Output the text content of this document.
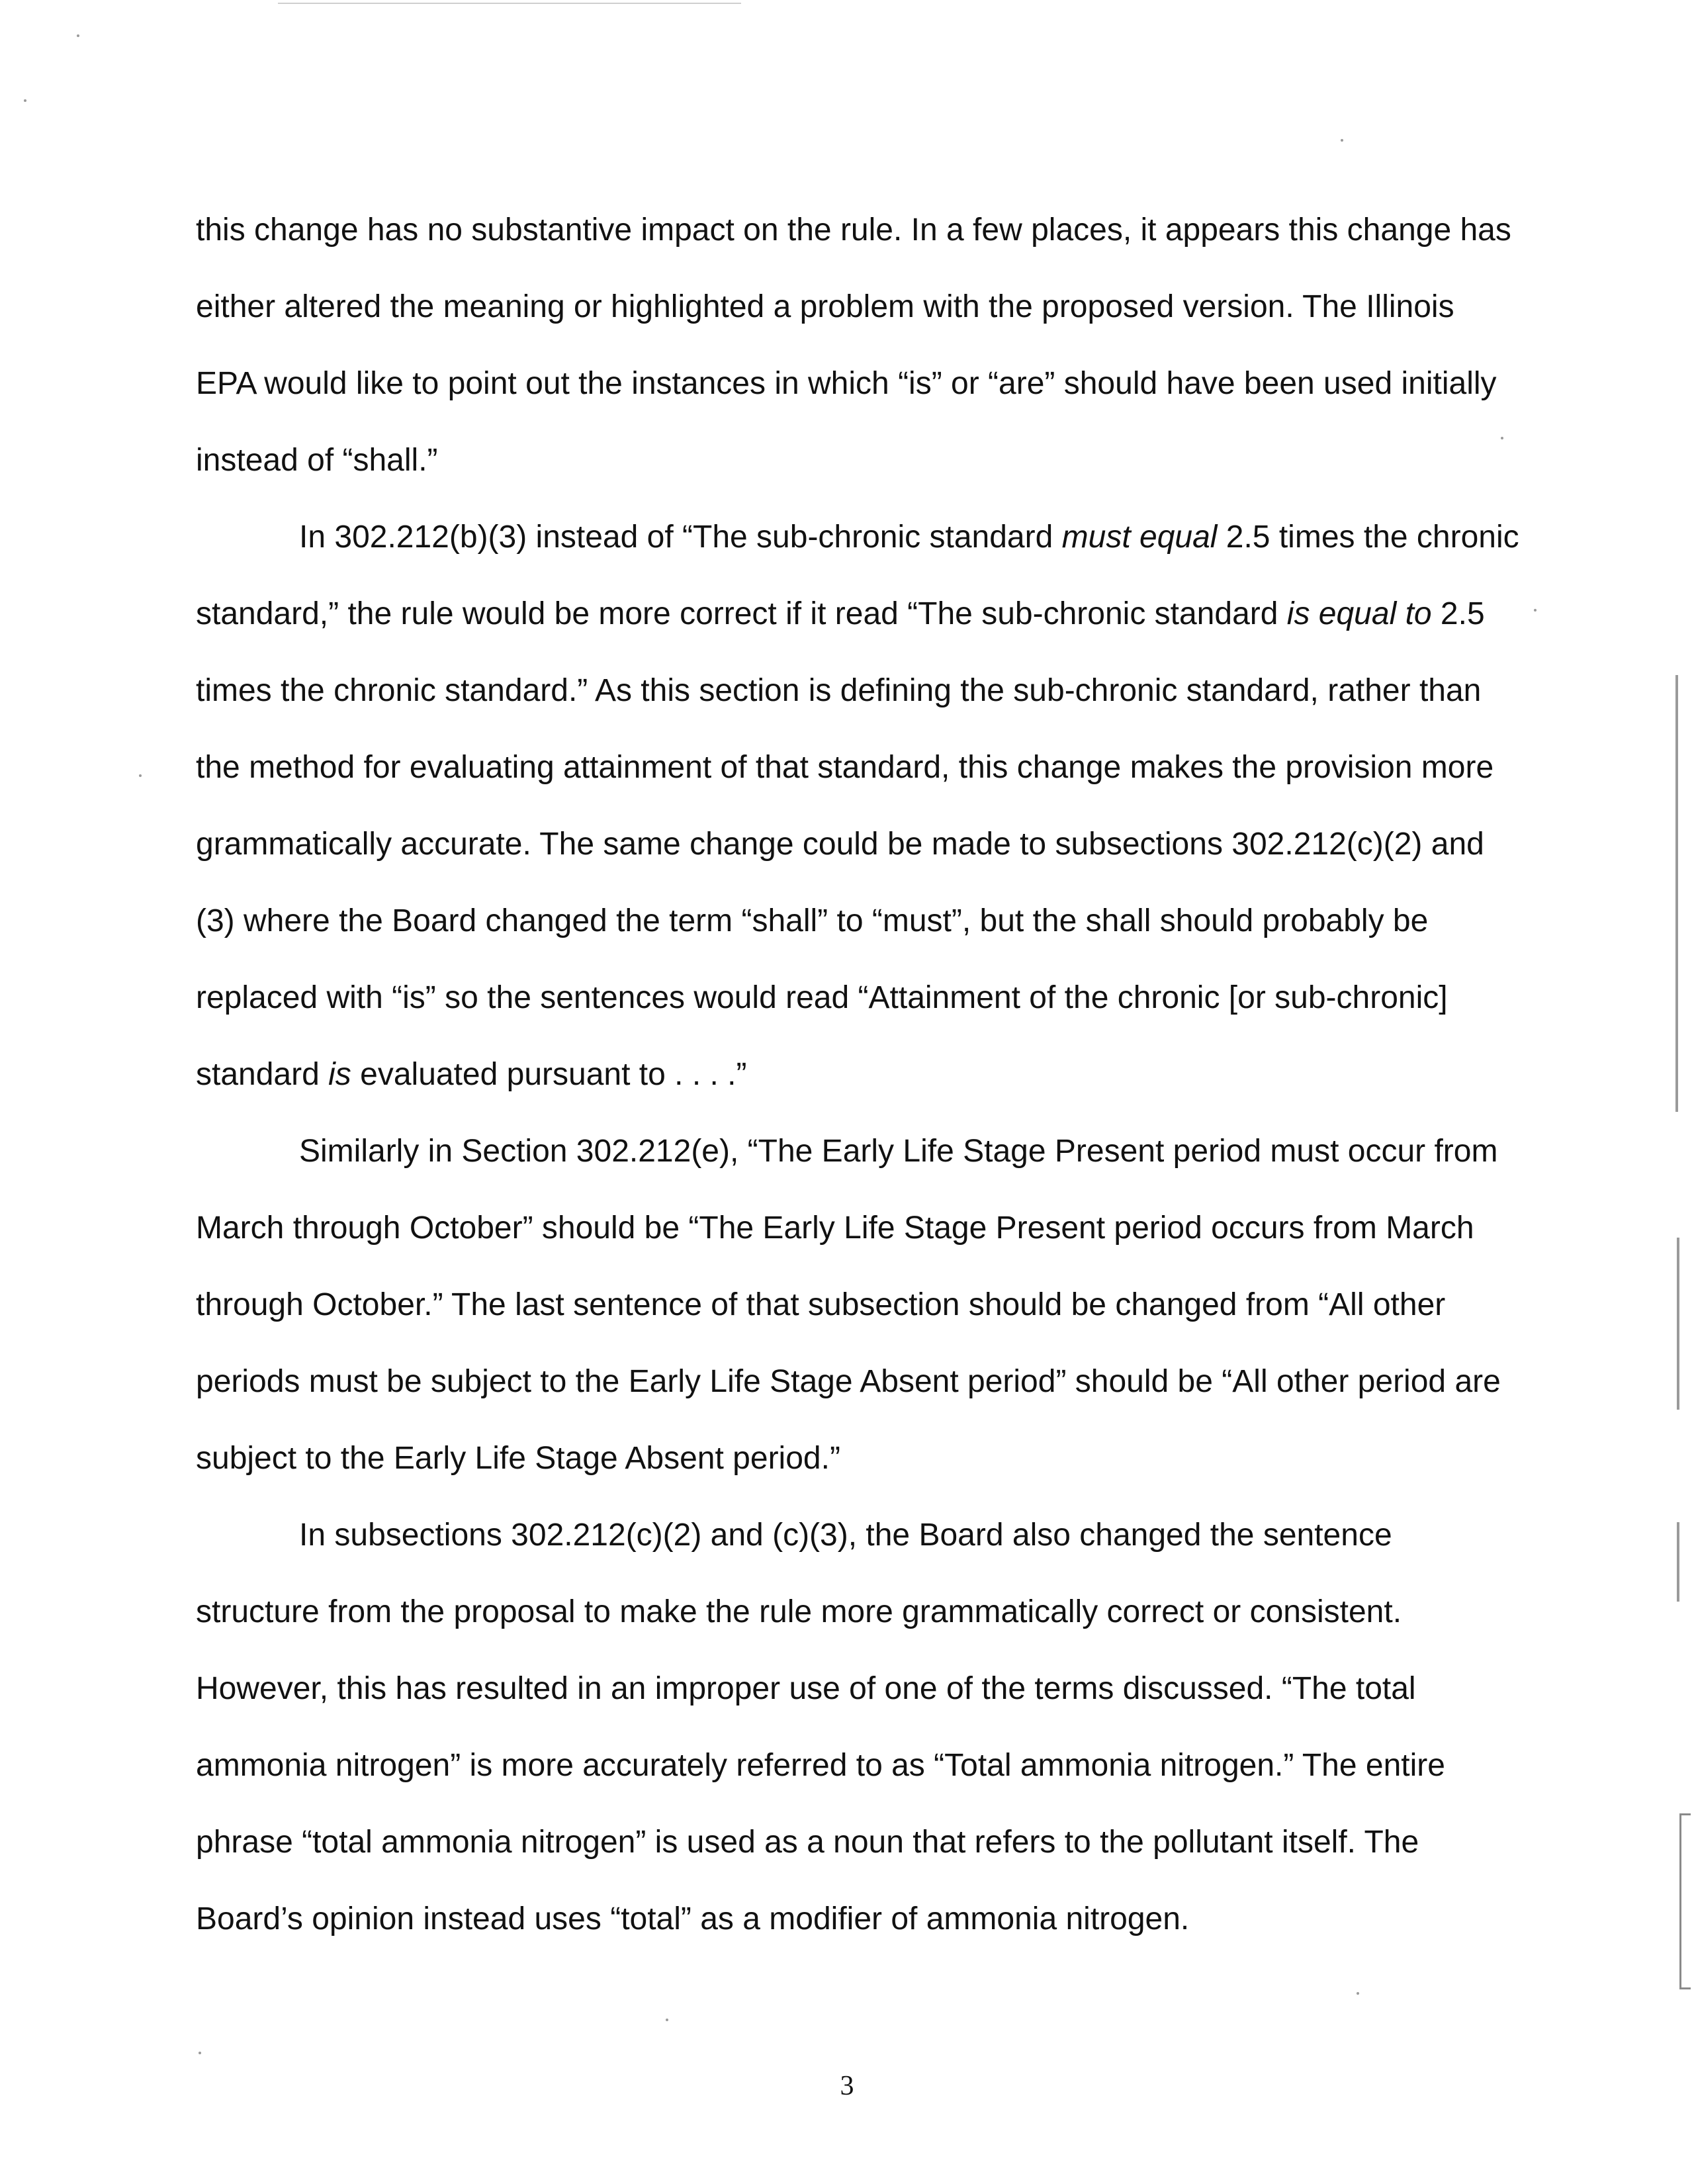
this change has no substantive impact on the rule. In a few places, it appears this change has either altered the meaning or highlighted a problem with the proposed version. The Illinois EPA would like to point out the instances in which “is” or “are” should have been used initially instead of “shall.”

In 302.212(b)(3) instead of “The sub-chronic standard must equal 2.5 times the chronic standard,” the rule would be more correct if it read “The sub-chronic standard is equal to 2.5 times the chronic standard.” As this section is defining the sub-chronic standard, rather than the method for evaluating attainment of that standard, this change makes the provision more grammatically accurate. The same change could be made to subsections 302.212(c)(2) and (3) where the Board changed the term “shall” to “must”, but the shall should probably be replaced with “is” so the sentences would read “Attainment of the chronic [or sub-chronic] standard is evaluated pursuant to . . . .”

Similarly in Section 302.212(e), “The Early Life Stage Present period must occur from March through October” should be “The Early Life Stage Present period occurs from March through October.” The last sentence of that subsection should be changed from “All other periods must be subject to the Early Life Stage Absent period” should be “All other period are subject to the Early Life Stage Absent period.”

In subsections 302.212(c)(2) and (c)(3), the Board also changed the sentence structure from the proposal to make the rule more grammatically correct or consistent. However, this has resulted in an improper use of one of the terms discussed. “The total ammonia nitrogen” is more accurately referred to as “Total ammonia nitrogen.” The entire phrase “total ammonia nitrogen” is used as a noun that refers to the pollutant itself. The Board’s opinion instead uses “total” as a modifier of ammonia nitrogen.

3
